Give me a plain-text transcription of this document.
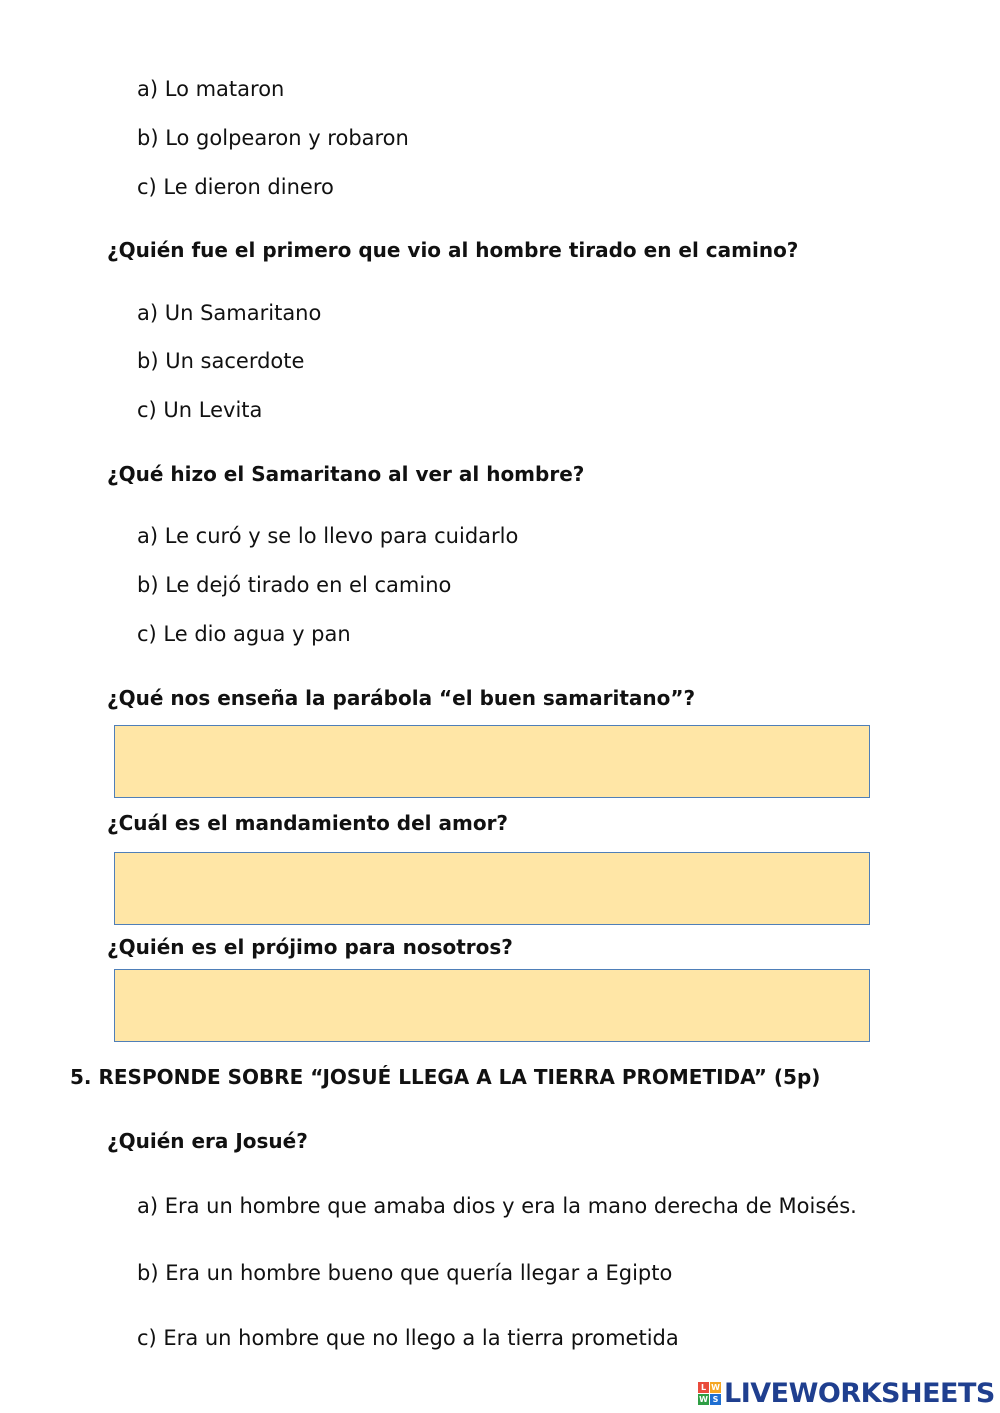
a) Lo mataron
b) Lo golpearon y robaron
c) Le dieron dinero
¿Quién fue el primero que vio al hombre tirado en el camino?
a) Un Samaritano
b) Un sacerdote
c) Un Levita
¿Qué hizo el Samaritano al ver al hombre?
a) Le curó y se lo llevo para cuidarlo
b) Le dejó tirado en el camino
c) Le dio agua y pan
¿Qué nos enseña la parábola “el buen samaritano”?
¿Cuál es el mandamiento del amor?
¿Quién es el prójimo para nosotros?
5. RESPONDE SOBRE “JOSUÉ LLEGA A LA TIERRA PROMETIDA” (5p)
¿Quién era Josué?
a) Era un hombre que amaba dios y era la mano derecha de Moisés.
b) Era un hombre bueno que quería llegar a Egipto
c) Era un hombre que no llego a la tierra prometida
L W
W S LIVEWORKSHEETS
